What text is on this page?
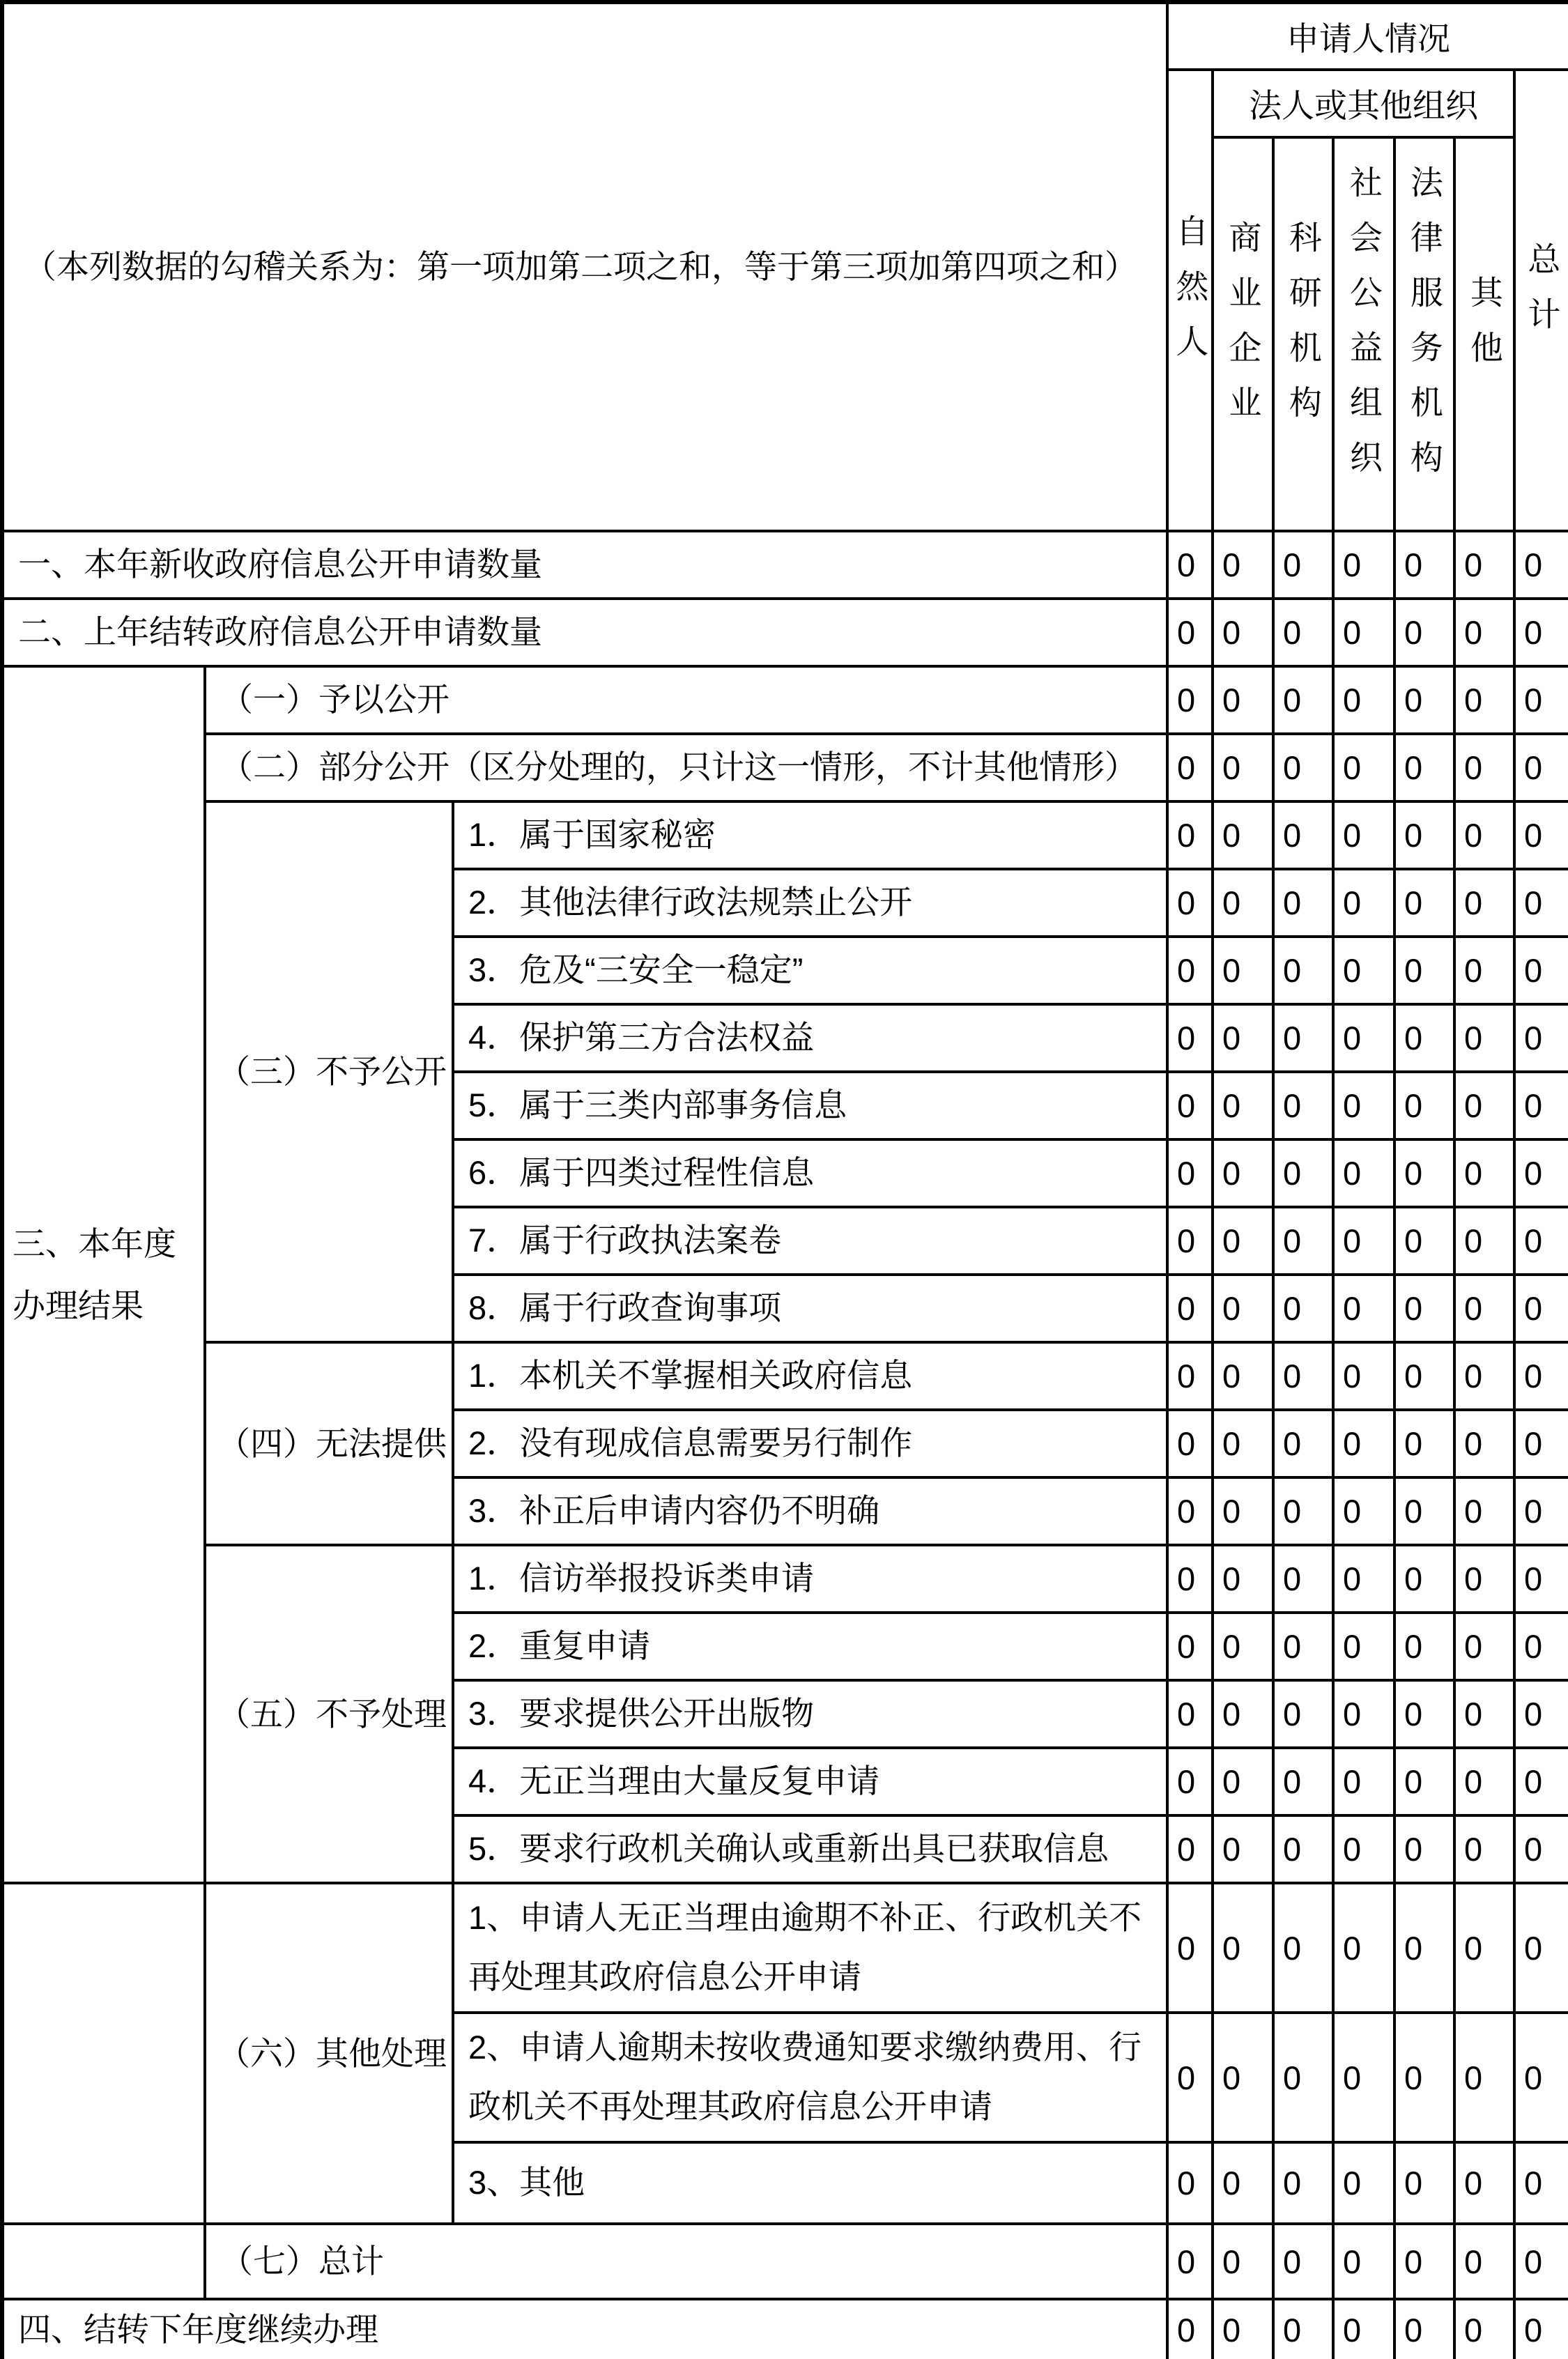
（本列数据的勾稽关系为：第一项加第二项之和，等于第三项加第四项之和）			申请人情况						
			自然人	法人或其他组织					总计
				商业企业	科研机构	社会公益组织	法律服务机构	其他	
一、本年新收政府信息公开申请数量			0	0	0	0	0	0	0
二、上年结转政府信息公开申请数量			0	0	0	0	0	0	0
三、本年度办理结果	（一）予以公开		0	0	0	0	0	0	0
	（二）部分公开（区分处理的，只计这一情形，不计其他情形）		0	0	0	0	0	0	0
	（三）不予公开	1．属于国家秘密	0	0	0	0	0	0	0
		2．其他法律行政法规禁止公开	0	0	0	0	0	0	0
		3．危及“三安全一稳定”	0	0	0	0	0	0	0
		4．保护第三方合法权益	0	0	0	0	0	0	0
		5．属于三类内部事务信息	0	0	0	0	0	0	0
		6．属于四类过程性信息	0	0	0	0	0	0	0
		7．属于行政执法案卷	0	0	0	0	0	0	0
		8．属于行政查询事项	0	0	0	0	0	0	0
	（四）无法提供	1．本机关不掌握相关政府信息	0	0	0	0	0	0	0
		2．没有现成信息需要另行制作	0	0	0	0	0	0	0
		3．补正后申请内容仍不明确	0	0	0	0	0	0	0
	（五）不予处理	1．信访举报投诉类申请	0	0	0	0	0	0	0
		2．重复申请	0	0	0	0	0	0	0
		3．要求提供公开出版物	0	0	0	0	0	0	0
		4．无正当理由大量反复申请	0	0	0	0	0	0	0
		5．要求行政机关确认或重新出具已获取信息	0	0	0	0	0	0	0
	（六）其他处理	1、申请人无正当理由逾期不补正、行政机关不再处理其政府信息公开申请	0	0	0	0	0	0	0
		2、申请人逾期未按收费通知要求缴纳费用、行政机关不再处理其政府信息公开申请	0	0	0	0	0	0	0
		3、其他	0	0	0	0	0	0	0
	（七）总计		0	0	0	0	0	0	0
四、结转下年度继续办理			0	0	0	0	0	0	0
